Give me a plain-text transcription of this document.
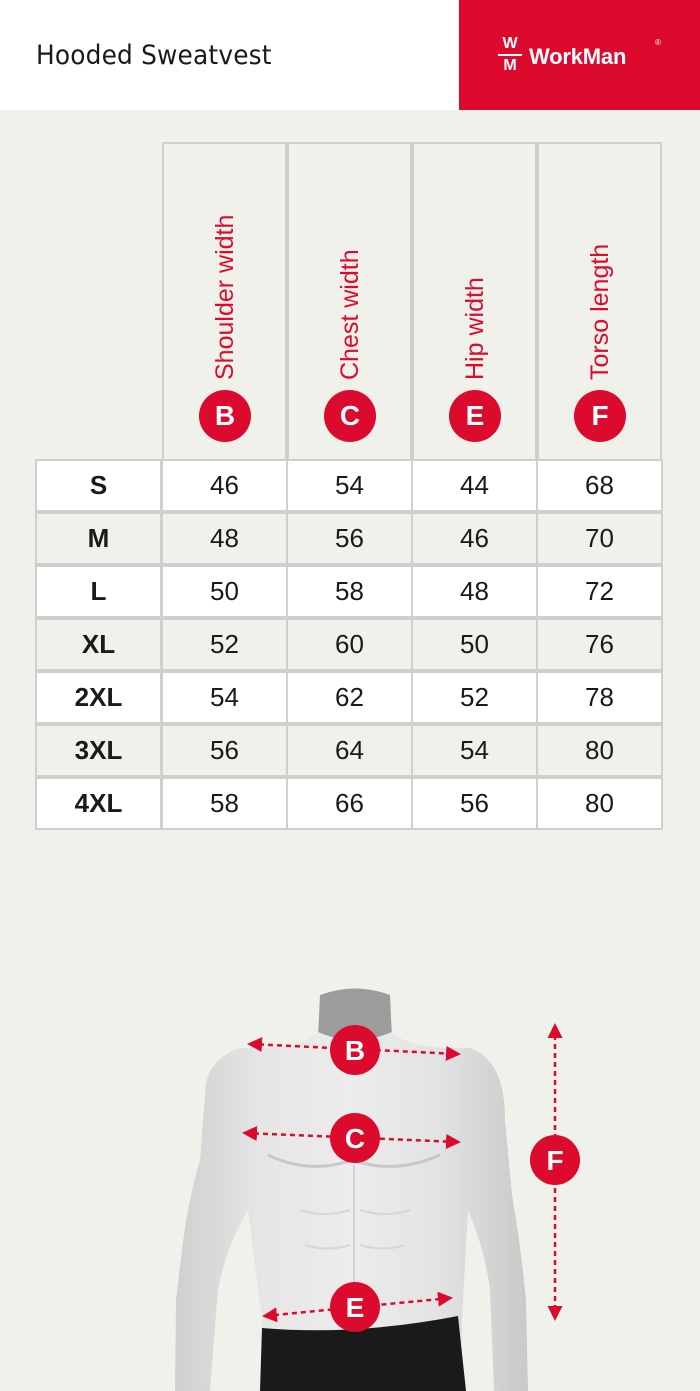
Hooded Sweatvest	W
M WorkMan
®
Shoulder width
B
Chest width
C
Hip width
E
Torso length
F
S	46	54	44	68
M	48	56	46	70
L	50	58	48	72
XL	52	60	50	76
2XL	54	62	52	78
3XL	56	64	54	80
4XL	58	66	56	80
B
C
E
F
